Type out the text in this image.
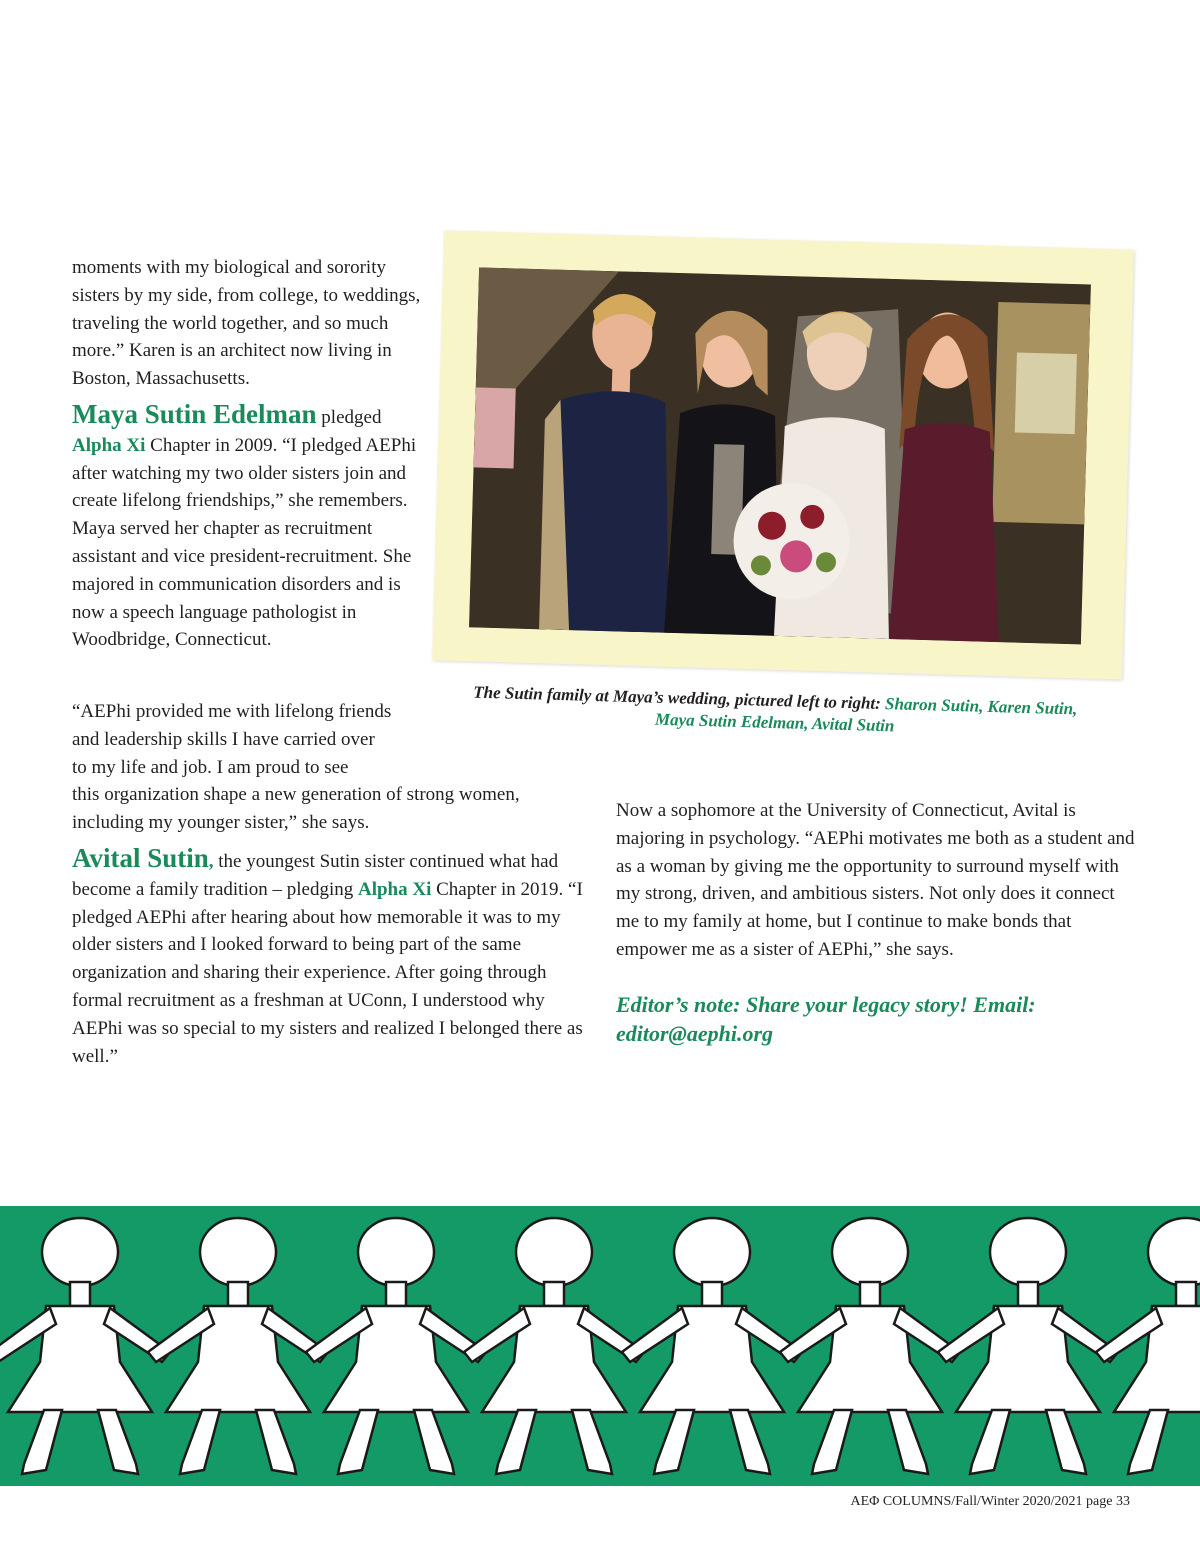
moments with my biological and sorority sisters by my side, from college, to weddings, traveling the world together, and so much more.” Karen is an architect now living in Boston, Massachusetts.

Maya Sutin Edelman pledged Alpha Xi Chapter in 2009. “I pledged AEPhi after watching my two older sisters join and create lifelong friendships,” she remembers. Maya served her chapter as recruitment assistant and vice president-recruitment. She majored in communication disorders and is now a speech language pathologist in Woodbridge, Connecticut.

The Sutin family at Maya’s wedding, pictured left to right: Sharon Sutin, Karen Sutin, Maya Sutin Edelman, Avital Sutin

“AEPhi provided me with lifelong friends
and leadership skills I have carried over
to my life and job. I am proud to see
this organization shape a new generation of strong women, including my younger sister,” she says.

Avital Sutin, the youngest Sutin sister continued what had become a family tradition – pledging Alpha Xi Chapter in 2019. “I pledged AEPhi after hearing about how memorable it was to my older sisters and I looked forward to being part of the same organization and sharing their experience. After going through formal recruitment as a freshman at UConn, I understood why AEPhi was so special to my sisters and realized I belonged there as well.”

Now a sophomore at the University of Connecticut, Avital is majoring in psychology. “AEPhi motivates me both as a student and as a woman by giving me the opportunity to surround myself with my strong, driven, and ambitious sisters. Not only does it connect me to my family at home, but I continue to make bonds that empower me as a sister of AEPhi,” she says.

Editor’s note: Share your legacy story! Email: editor@aephi.org

ΑΕΦ COLUMNS/Fall/Winter 2020/2021 page 33
